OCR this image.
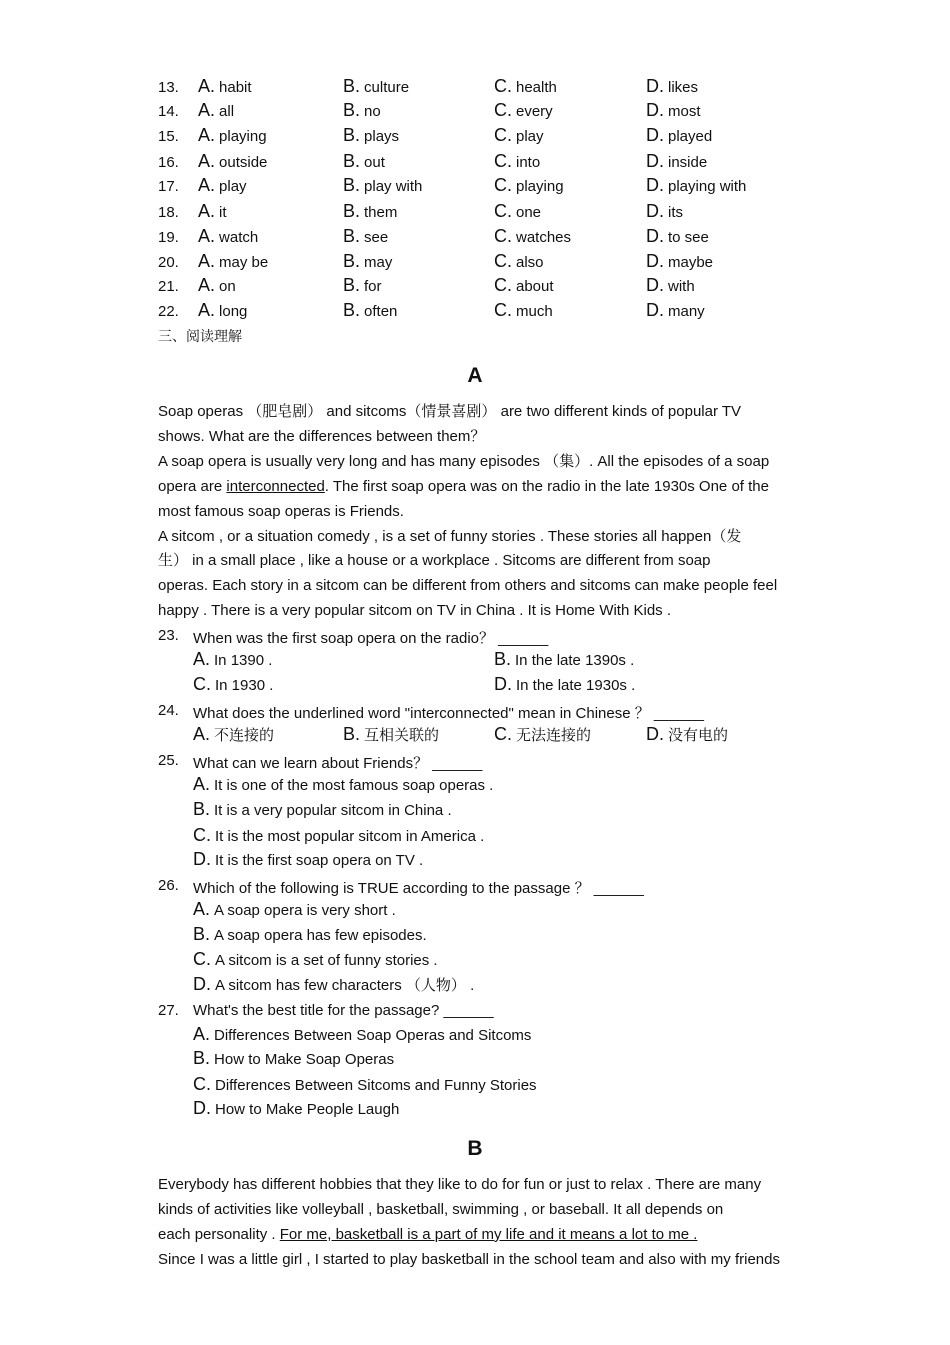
13. A. habit	B. culture	C. health	D. likes
14. A. all	B. no	C. every	D. most
15. A. playing	B. plays	C. play	D. played
16. A. outside	B. out	C. into	D. inside
17. A. play	B. play with	C. playing	D. playing with
18. A. it	B. them	C. one	D. its
19. A. watch	B. see	C. watches	D. to see
20. A. may be	B. may	C. also	D. maybe
21. A. on	B. for	C. about	D. with
22. A. long	B. often	C. much	D. many
三、阅读理解
A
Soap operas （肥皂剧） and sitcoms（情景喜剧） are two different kinds of popular TV
shows. What are the differences between them？
A soap opera is usually very long and has many episodes （集）. All the episodes of a soap
opera are interconnected. The first soap opera was on the radio in the late 1930s One of the
most famous soap operas is Friends.
A sitcom , or a situation comedy , is a set of funny stories . These stories all happen（发
生） in a small place , like a house or a workplace . Sitcoms are different from soap
operas. Each story in a sitcom can be different from others and sitcoms can make people feel
happy . There is a very popular sitcom on TV in China . It is Home With Kids .
23. When was the first soap opera on the radio？ ______
A. In 1390 .	B. In the late 1390s .
C. In 1930 .	D. In the late 1930s .
24. What does the underlined word "interconnected" mean in Chinese ？ ______
A. 不连接的	B. 互相关联的	C. 无法连接的	D. 没有电的
25. What can we learn about Friends？ ______
A. It is one of the most famous soap operas .
B. It is a very popular sitcom in China .
C. It is the most popular sitcom in America .
D. It is the first soap opera on TV .
26. Which of the following is TRUE according to the passage ？ ______
A. A soap opera is very short .
B. A soap opera has few episodes.
C. A sitcom is a set of funny stories .
D. A sitcom has few characters （人物） .
27. What's the best title for the passage? ______
A. Differences Between Soap Operas and Sitcoms
B. How to Make Soap Operas
C. Differences Between Sitcoms and Funny Stories
D. How to Make People Laugh
B
Everybody has different hobbies that they like to do for fun or just to relax . There are many
kinds of activities like volleyball , basketball, swimming , or baseball. It all depends on
each personality . For me, basketball is a part of my life and it means a lot to me .
Since I was a little girl , I started to play basketball in the school team and also with my friends
